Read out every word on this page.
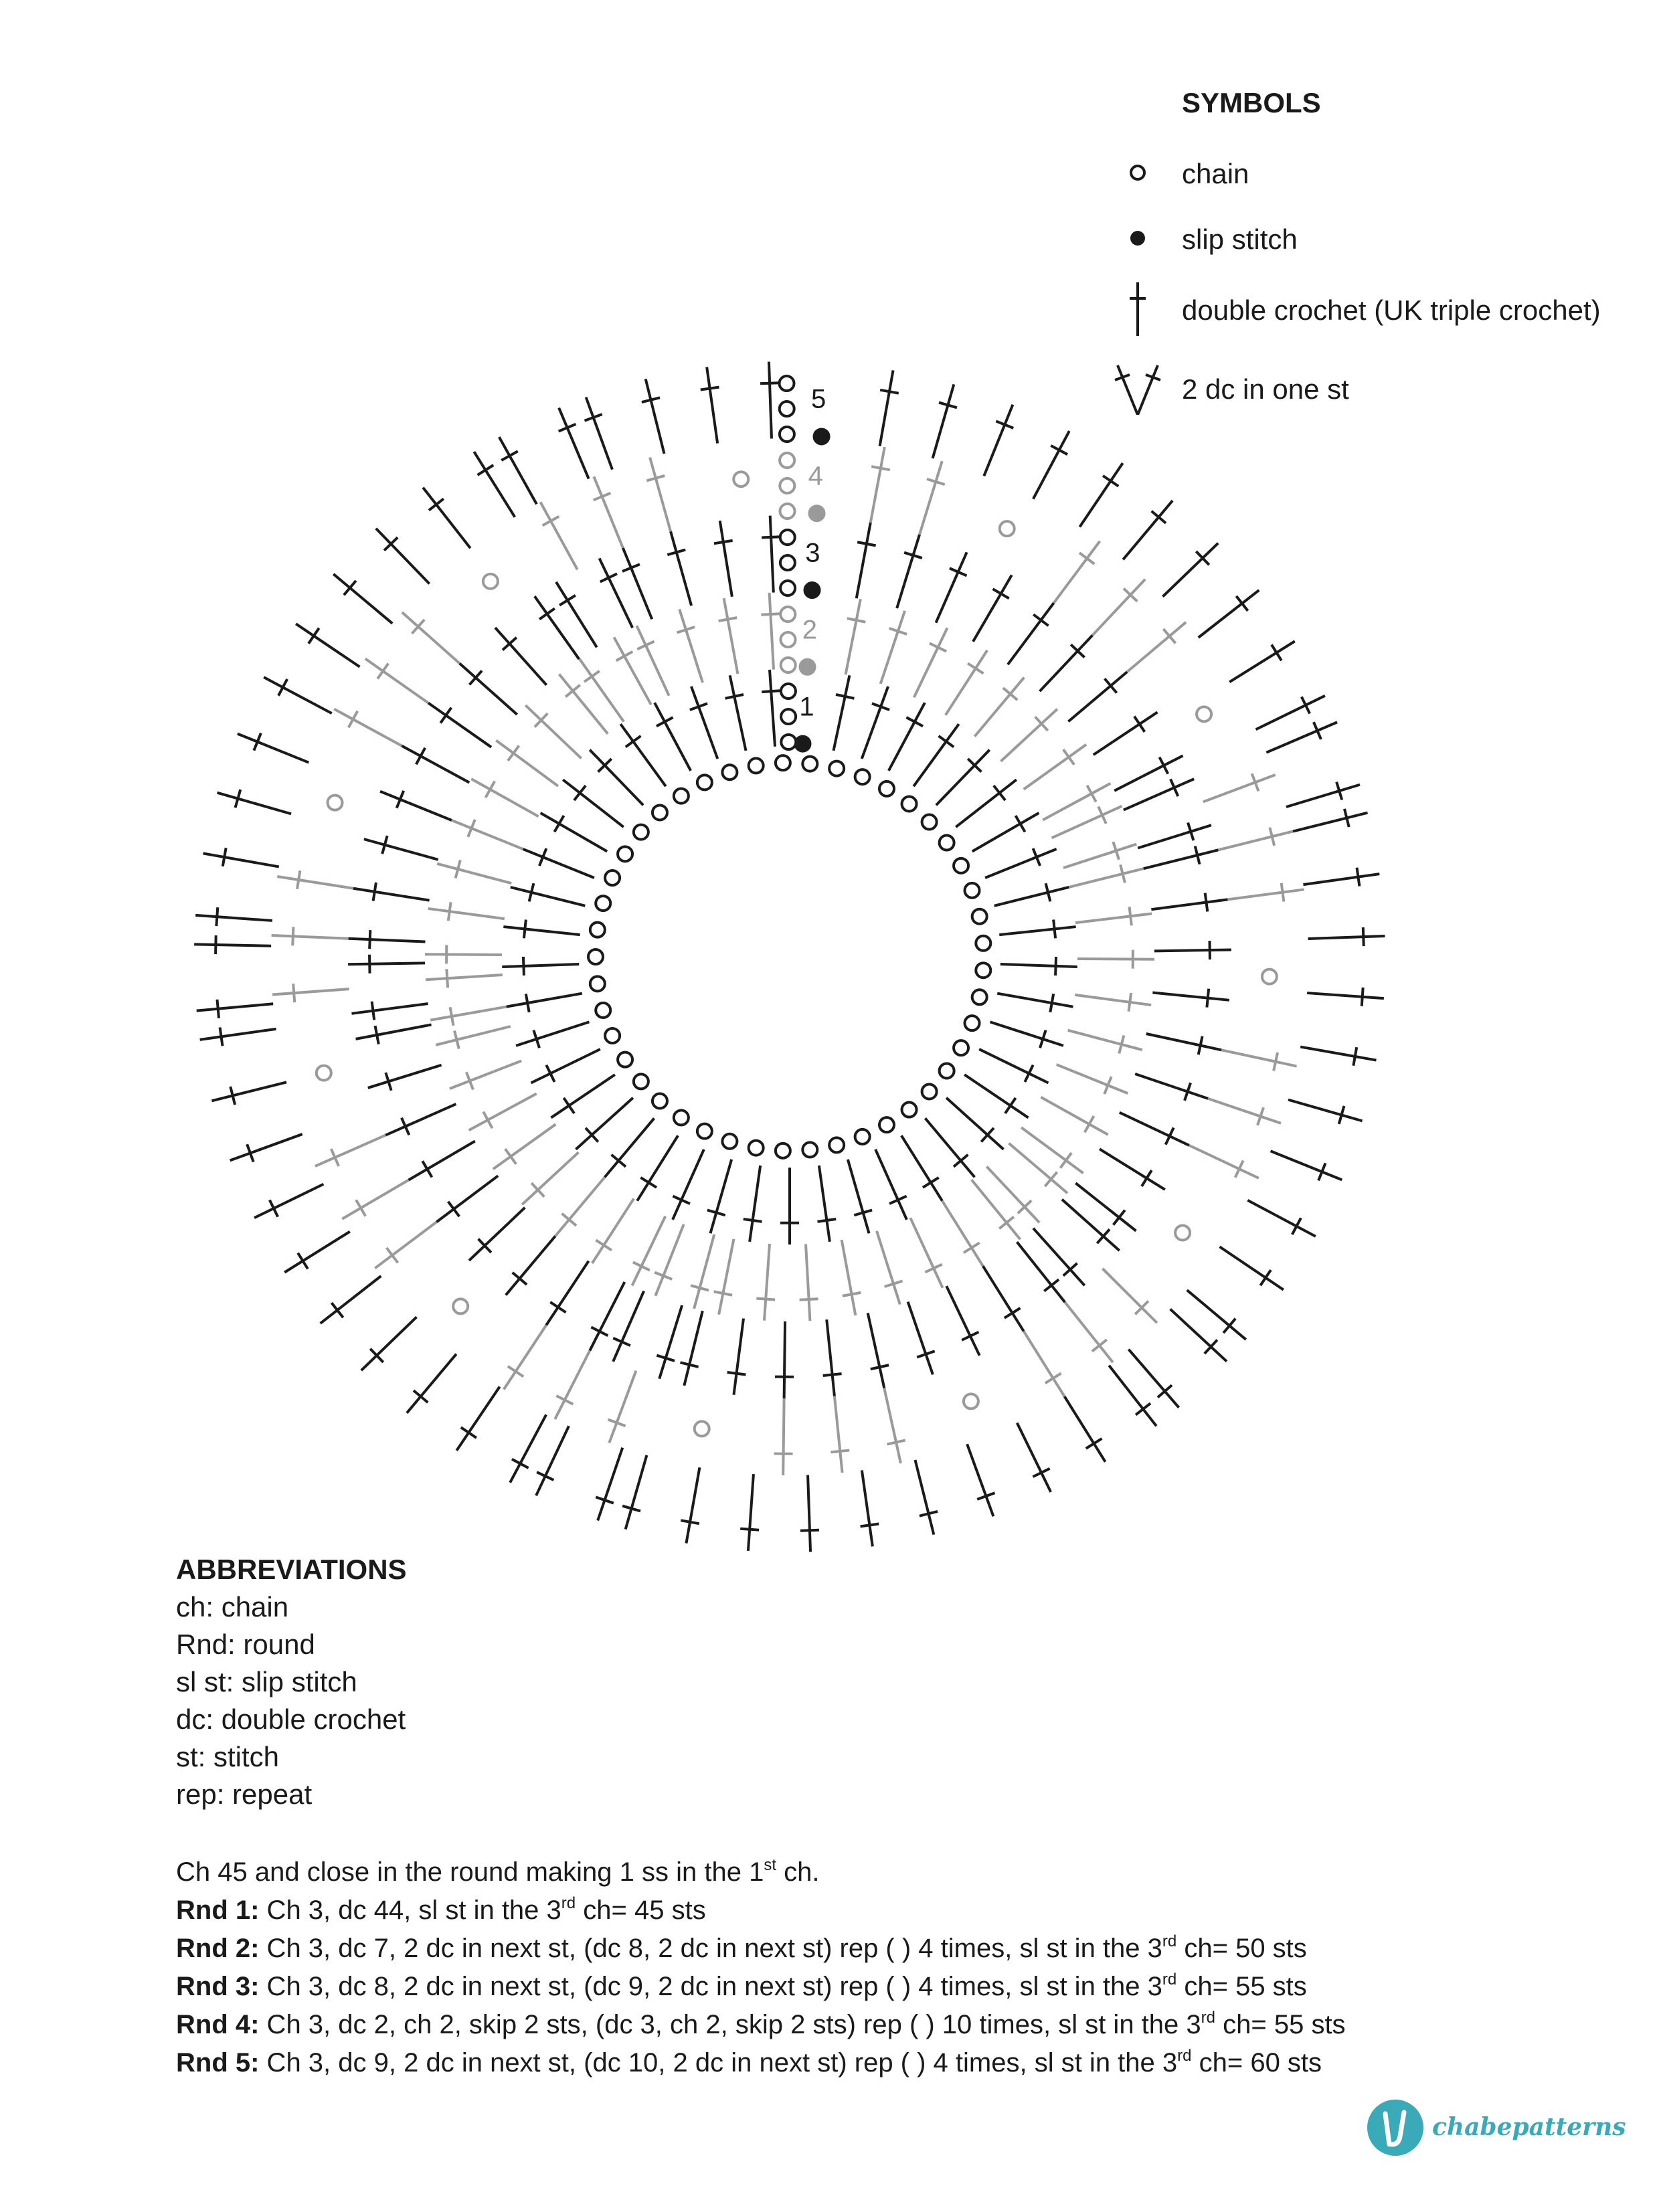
1
2
3
4
5
SYMBOLS
chain
slip stitch
double crochet (UK triple crochet)
2 dc in one st
ABBREVIATIONS
ch: chain
Rnd: round
sl st: slip stitch
dc: double crochet
st: stitch
rep: repeat
Ch 45 and close in the round making 1 ss in the 1st ch.
Rnd 1: Ch 3, dc 44, sl st in the 3rd ch= 45 sts
Rnd 2: Ch 3, dc 7, 2 dc in next st, (dc 8, 2 dc in next st) rep ( ) 4 times, sl st in the 3rd ch= 50 sts
Rnd 3: Ch 3, dc 8, 2 dc in next st, (dc 9, 2 dc in next st) rep ( ) 4 times, sl st in the 3rd ch= 55 sts
Rnd 4: Ch 3, dc 2, ch 2, skip 2 sts, (dc 3, ch 2, skip 2 sts) rep ( ) 10 times, sl st in the 3rd ch= 55 sts
Rnd 5: Ch 3, dc 9, 2 dc in next st, (dc 10, 2 dc in next st) rep ( ) 4 times, sl st in the 3rd ch= 60 sts
chabepatterns
